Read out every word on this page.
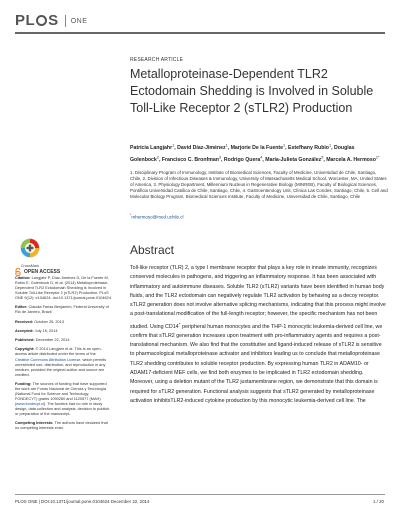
PL S ONE
RESEARCH ARTICLE
Metalloproteinase-Dependent TLR2 Ectodomain Shedding is Involved in Soluble Toll-Like Receptor 2 (sTLR2) Production
Patricia Langjahr$^1$, David Díaz-Jiménez$^1$, Marjorie De la Fuente$^1$, Estefhany Rubio$^1$, Douglas Golenbock$^2$, Francisco C. Bronfman$^3$, Rodrigo Quera$^4$, María-Julieta González$^5$, Marcela A. Hermoso$^{1*}$
1. Disciplinary Program of Immunology, Institute of Biomedical Sciences, Faculty of Medicine, Universidad de Chile, Santiago, Chile, 2. Division of Infectious Diseases & Immunology, University of Massachusetts Medical School, Worcester, MA, United States of America, 3. Physiology Department, Millennium Nucleus in Regenerative Biology (MINREB), Faculty of Biological Sciences, Pontificia Universidad Católica de Chile, Santiago, Chile, 4. Gastroenterology Unit, Clínica Las Condes, Santiago, Chile, 5. Cell and Molecular Biology Program, Biomedical Sciences Institute, Faculty of Medicine, Universidad de Chile, Santiago, Chile
*mhermoso@med.uchile.cl
CrossMark
OPEN ACCESS

Citation: Langjahr P, Díaz-Jiménez D, De la Fuente M, Rubio E, Golenbock D, et al. (2014) Metalloproteinase-Dependent TLR2 Ectodomain Shedding is Involved in Soluble Toll-Like Receptor 2 (sTLR2) Production. PLoS ONE 9(12): e104624. doi:10.1371/journal.pone.0104624

Editor: Claudia Farias Benjamim, Federal University of Rio de Janeiro, Brazil

Received: October 25, 2013

Accepted: July 15, 2014

Published: December 22, 2014

Copyright: © 2014 Langjahr et al. This is an open-access article distributed under the terms of the Creative Commons Attribution License, which permits unrestricted use, distribution, and reproduction in any medium, provided the original author and source are credited.

Funding: The sources of funding that have supported the work are Fondo Nacional de Ciencia y Tecnología (National Fund for Science and Technology, FONDECYT) grants 1090280 and 1120577 (MAH) (www.fondecyt.cl). The funders had no role in study design, data collection and analysis, decision to publish, or preparation of the manuscript.

Competing Interests: The authors have declared that no competing interests exist.

Abstract

Toll-like receptor (TLR) 2, a type I membrane receptor that plays a key role in innate immunity, recognizes conserved molecules in pathogens, and triggering an inflammatory response. It has been associated with inflammatory and autoimmune diseases. Soluble TLR2 (sTLR2) variants have been identified in human body fluids, and the TLR2 ectodomain can negatively regulate TLR2 activation by behaving as a decoy receptor. sTLR2 generation does not involve alternative splicing mechanisms, indicating that this process might involve a post-translational modification of the full-length receptor; however, the specific mechanism has not been studied. Using CD14+ peripheral human monocytes and the THP-1 monocytic leukemia-derived cell line, we confirm that sTLR2 generation increases upon treatment with pro-inflammatory agents and requires a post-translational mechanism. We also find that the constitutive and ligand-induced release of sTLR2 is sensitive to pharmacological metalloproteinase activator and inhibitors leading us to conclude that metalloproteinase TLR2 shedding contributes to soluble receptor production. By expressing human TLR2 in ADAM10- or ADAM17-deficient MEF cells, we find both enzymes to be implicated in TLR2 ectodomain shedding. Moreover, using a deletion mutant of the TLR2 juxtamembrane region, we demonstrate that this domain is required for sTLR2 generation. Functional analysis suggests that sTLR2 generated by metalloproteinase activation inhibitsTLR2-induced cytokine production by this monocytic leukemia-derived cell line. The

PLOS ONE | DOI:10.1371/journal.pone.0104624 December 22, 2014	1 / 20
